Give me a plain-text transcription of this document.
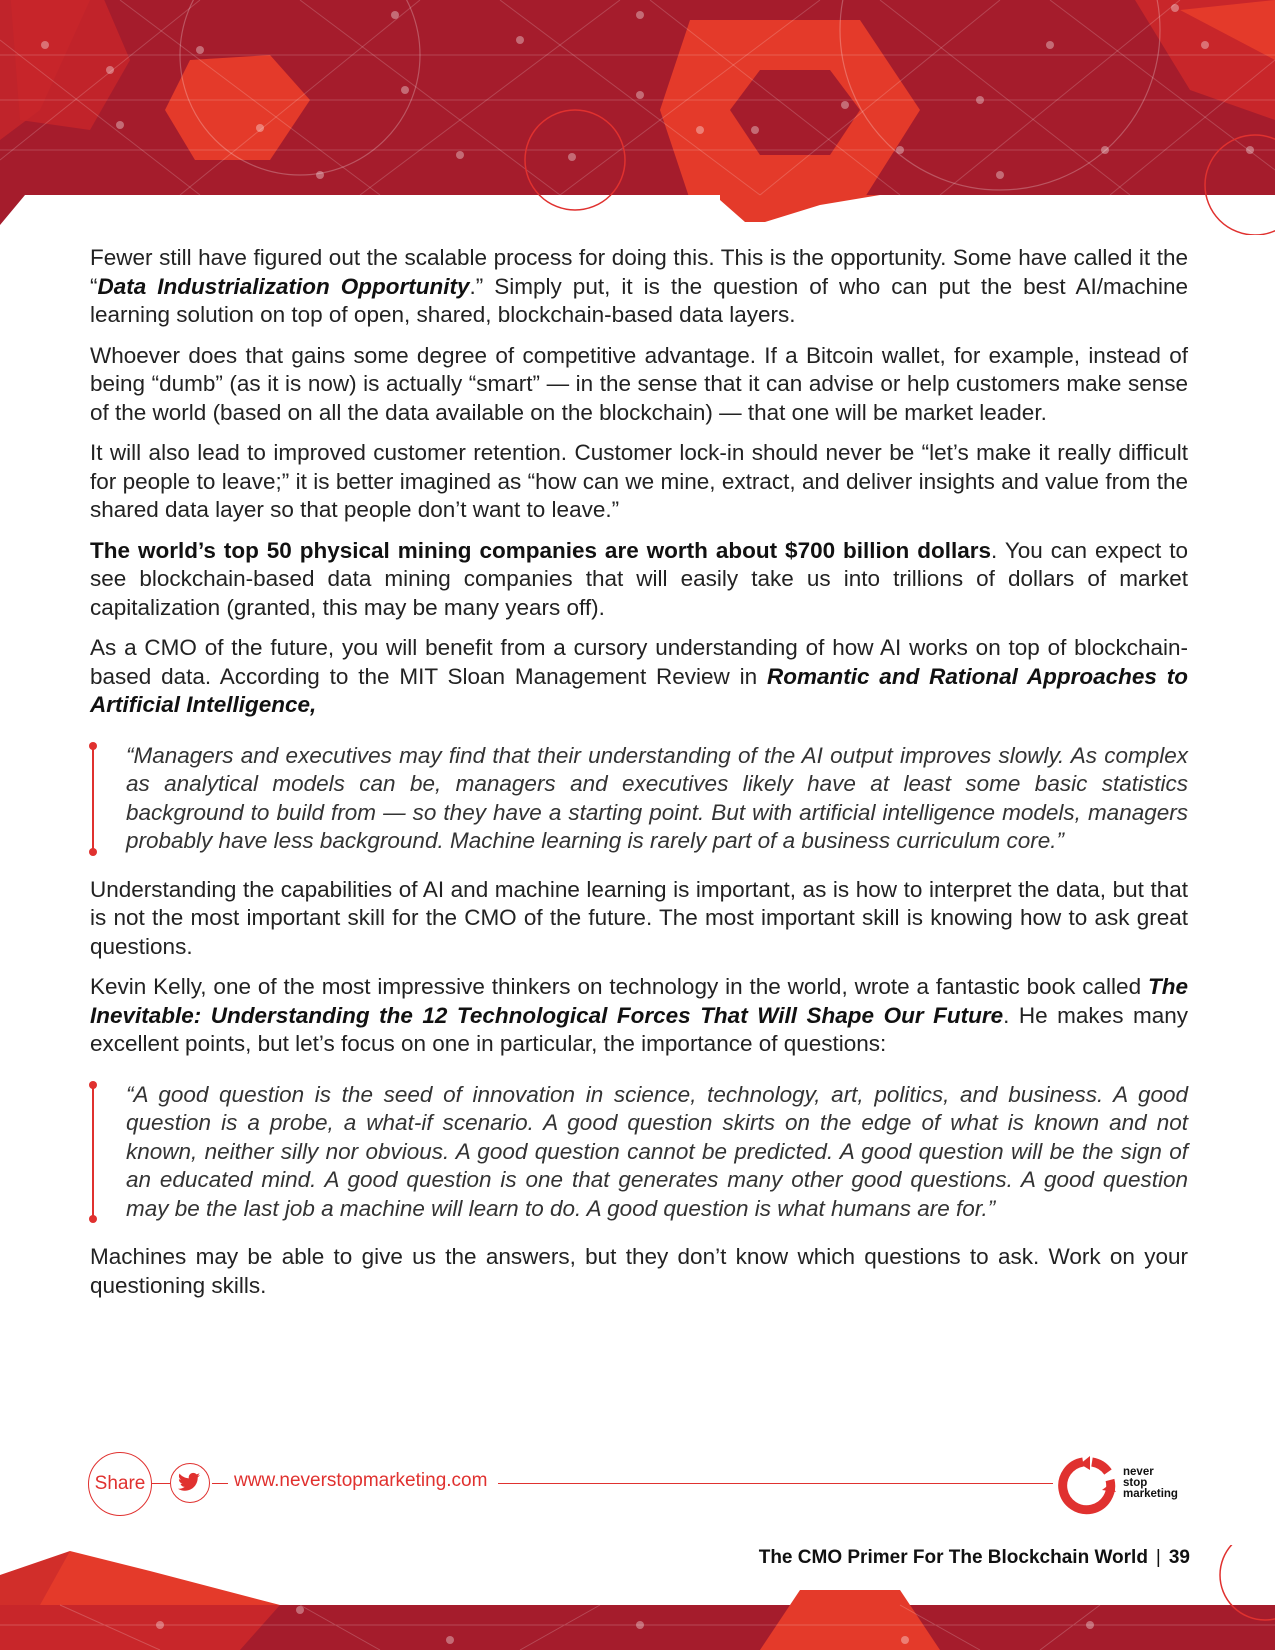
Fewer still have figured out the scalable process for doing this. This is the opportunity. Some have called it the “Data Industrialization Opportunity.” Simply put, it is the question of who can put the best AI/machine learning solution on top of open, shared, blockchain-based data layers.

Whoever does that gains some degree of competitive advantage. If a Bitcoin wallet, for example, instead of being “dumb” (as it is now) is actually “smart” — in the sense that it can advise or help customers make sense of the world (based on all the data available on the blockchain) — that one will be market leader.

It will also lead to improved customer retention. Customer lock-in should never be “let’s make it really difficult for people to leave;” it is better imagined as “how can we mine, extract, and deliver insights and value from the shared data layer so that people don’t want to leave.”

The world’s top 50 physical mining companies are worth about $700 billion dollars. You can expect to see blockchain-based data mining companies that will easily take us into trillions of dollars of market capitalization (granted, this may be many years off).

As a CMO of the future, you will benefit from a cursory understanding of how AI works on top of blockchain-based data. According to the MIT Sloan Management Review in Romantic and Rational Approaches to Artificial Intelligence,

“Managers and executives may find that their understanding of the AI output improves slowly. As complex as analytical models can be, managers and executives likely have at least some basic statistics background to build from — so they have a starting point. But with artificial intelligence models, managers probably have less background. Machine learning is rarely part of a business curriculum core.”

Understanding the capabilities of AI and machine learning is important, as is how to interpret the data, but that is not the most important skill for the CMO of the future. The most important skill is knowing how to ask great questions.

Kevin Kelly, one of the most impressive thinkers on technology in the world, wrote a fantastic book called The Inevitable: Understanding the 12 Technological Forces That Will Shape Our Future. He makes many excellent points, but let’s focus on one in particular, the importance of questions:

“A good question is the seed of innovation in science, technology, art, politics, and business. A good question is a probe, a what-if scenario. A good question skirts on the edge of what is known and not known, neither silly nor obvious. A good question cannot be predicted. A good question will be the sign of an educated mind. A good question is one that generates many other good questions. A good question may be the last job a machine will learn to do. A good question is what humans are for.”

Machines may be able to give us the answers, but they don’t know which questions to ask. Work on your questioning skills.

Share	www.neverstopmarketing.com	never
stop
marketing
The CMO Primer For The Blockchain World | 39
